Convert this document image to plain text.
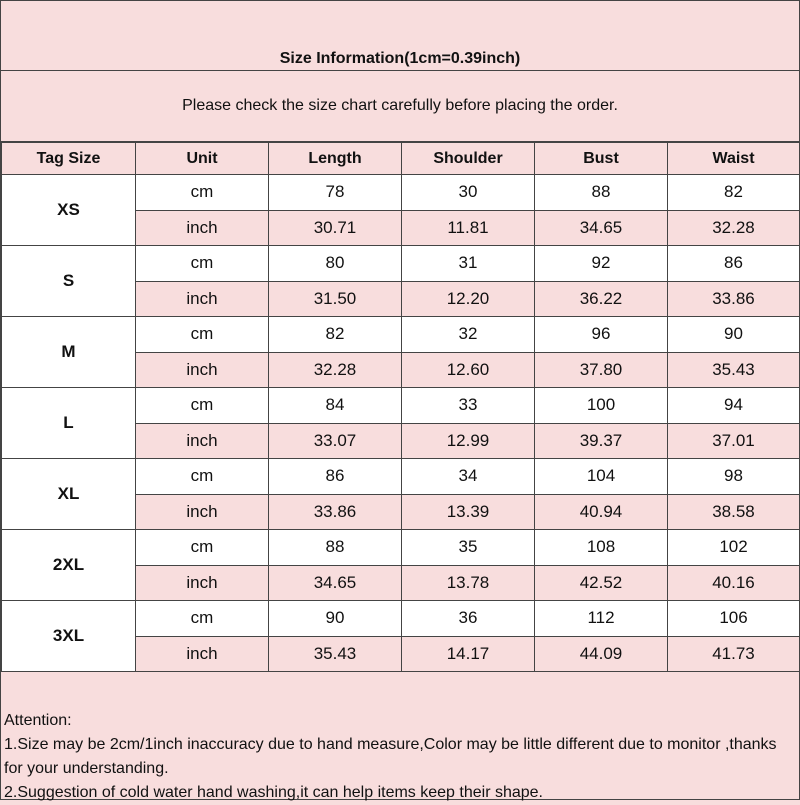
Size Information(1cm=0.39inch)
Please check the size chart carefully before placing the order.
Tag Size	Unit	Length	Shoulder	Bust	Waist
XS	cm	78	30	88	82
	inch	30.71	11.81	34.65	32.28
S	cm	80	31	92	86
	inch	31.50	12.20	36.22	33.86
M	cm	82	32	96	90
	inch	32.28	12.60	37.80	35.43
L	cm	84	33	100	94
	inch	33.07	12.99	39.37	37.01
XL	cm	86	34	104	98
	inch	33.86	13.39	40.94	38.58
2XL	cm	88	35	108	102
	inch	34.65	13.78	42.52	40.16
3XL	cm	90	36	112	106
	inch	35.43	14.17	44.09	41.73
Attention:
1.Size may be 2cm/1inch inaccuracy due to hand measure,Color may be little different due to monitor ,thanks for your understanding.
2.Suggestion of cold water hand washing,it can help items keep their shape.
